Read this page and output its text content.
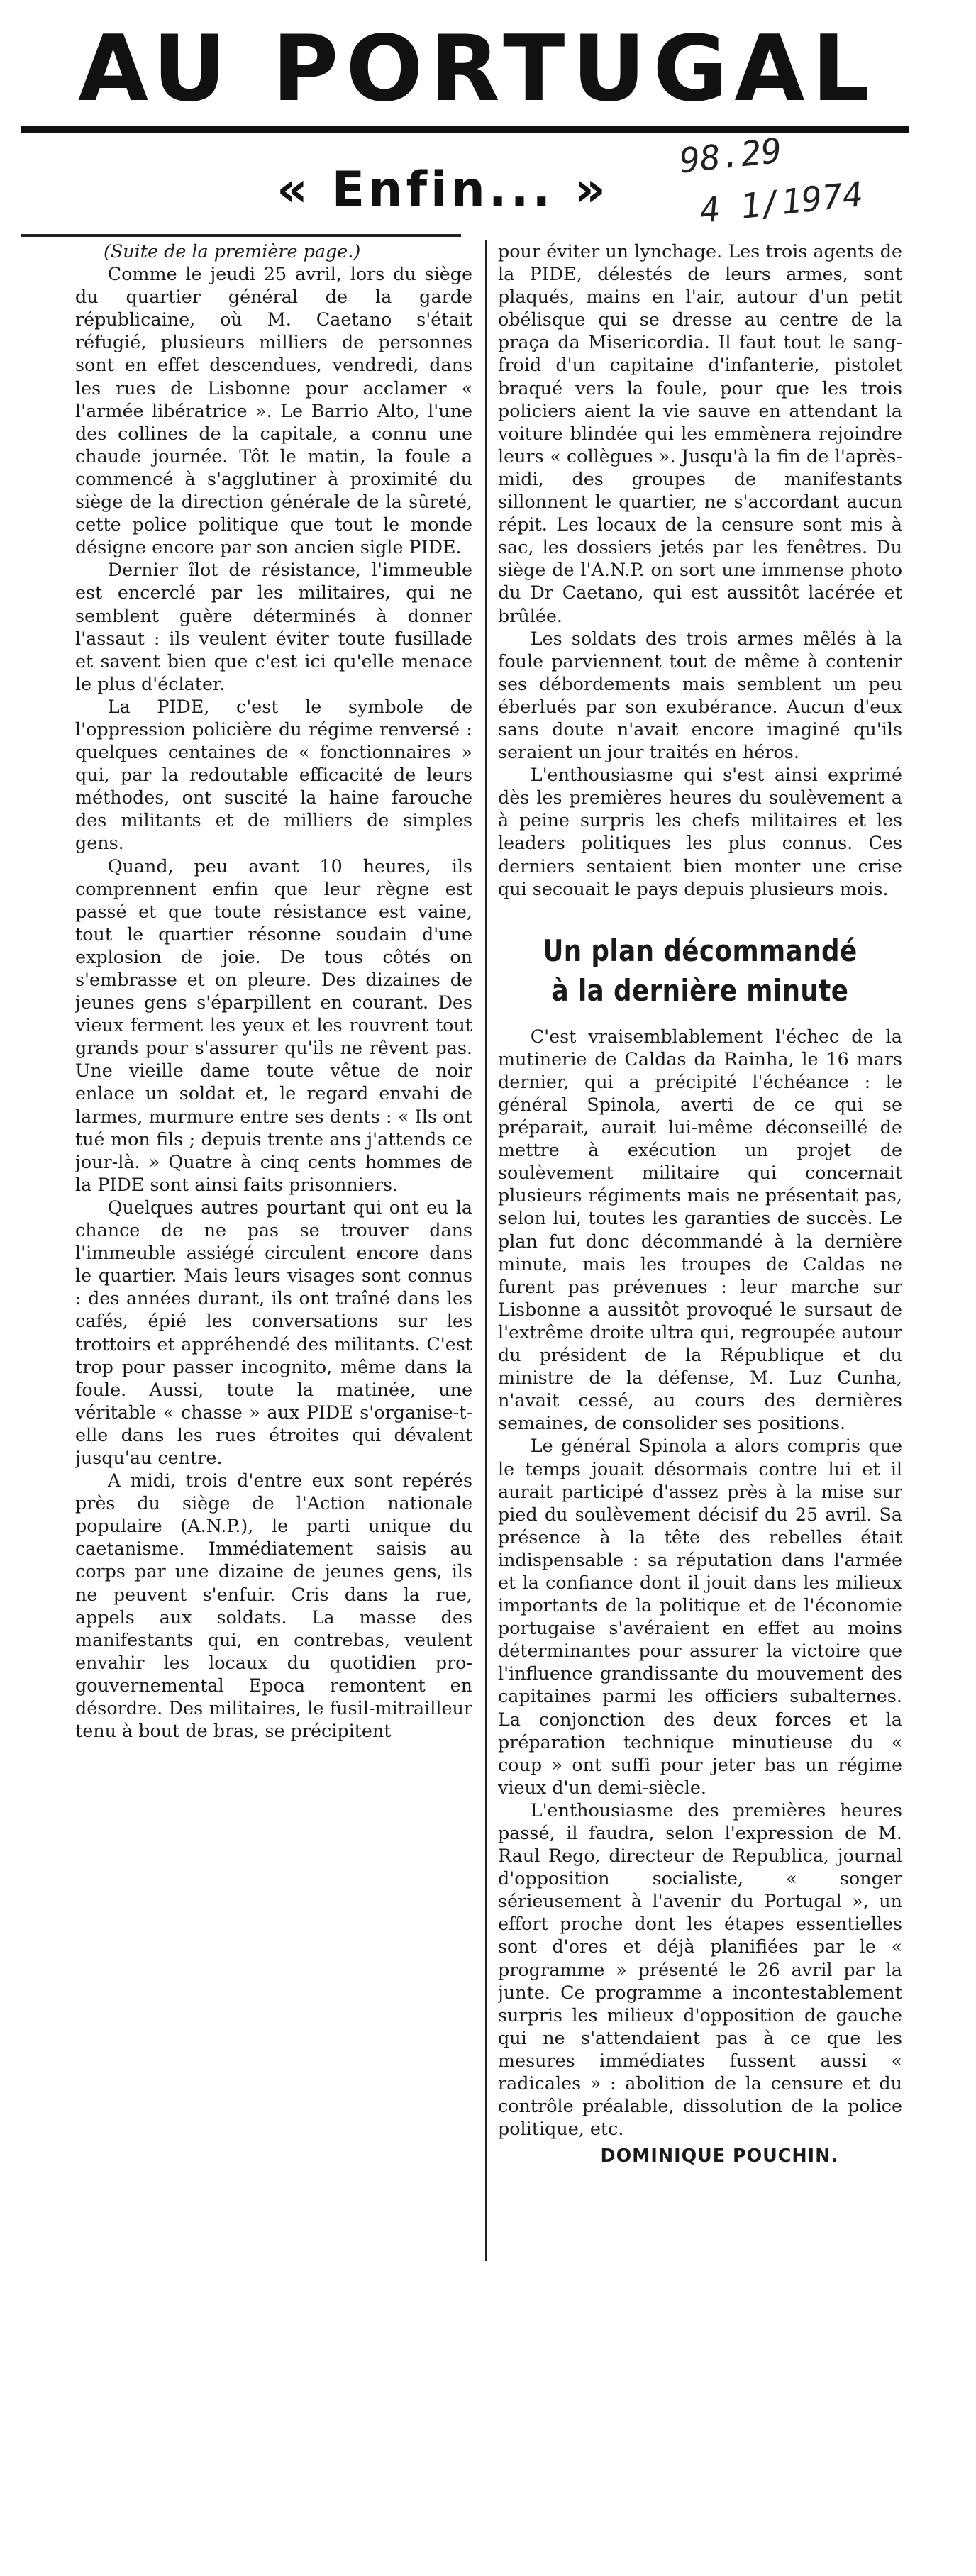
AU PORTUGAL
« Enfin... »
98.29
4 1/1974

(Suite de la première page.)

Comme le jeudi 25 avril, lors du siège du quartier général de la garde républicaine, où M. Caetano s'était réfugié, plusieurs milliers de personnes sont en effet descendues, vendredi, dans les rues de Lisbonne pour acclamer « l'armée libératrice ». Le Barrio Alto, l'une des collines de la capitale, a connu une chaude journée. Tôt le matin, la foule a commencé à s'agglutiner à proximité du siège de la direction générale de la sûreté, cette police politique que tout le monde désigne encore par son ancien sigle PIDE.

Dernier îlot de résistance, l'immeuble est encerclé par les militaires, qui ne semblent guère déterminés à donner l'assaut : ils veulent éviter toute fusillade et savent bien que c'est ici qu'elle menace le plus d'éclater.

La PIDE, c'est le symbole de l'oppression policière du régime renversé : quelques centaines de « fonctionnaires » qui, par la redoutable efficacité de leurs méthodes, ont suscité la haine farouche des militants et de milliers de simples gens.

Quand, peu avant 10 heures, ils comprennent enfin que leur règne est passé et que toute résistance est vaine, tout le quartier résonne soudain d'une explosion de joie. De tous côtés on s'embrasse et on pleure. Des dizaines de jeunes gens s'éparpillent en courant. Des vieux ferment les yeux et les rouvrent tout grands pour s'assurer qu'ils ne rêvent pas. Une vieille dame toute vêtue de noir enlace un soldat et, le regard envahi de larmes, murmure entre ses dents : « Ils ont tué mon fils ; depuis trente ans j'attends ce jour-là. » Quatre à cinq cents hommes de la PIDE sont ainsi faits prisonniers.

Quelques autres pourtant qui ont eu la chance de ne pas se trouver dans l'immeuble assiégé circulent encore dans le quartier. Mais leurs visages sont connus : des années durant, ils ont traîné dans les cafés, épié les conversations sur les trottoirs et appréhendé des militants. C'est trop pour passer incognito, même dans la foule. Aussi, toute la matinée, une véritable « chasse » aux PIDE s'organise-t-elle dans les rues étroites qui dévalent jusqu'au centre.

A midi, trois d'entre eux sont repérés près du siège de l'Action nationale populaire (A.N.P.), le parti unique du caetanisme. Immédiatement saisis au corps par une dizaine de jeunes gens, ils ne peuvent s'enfuir. Cris dans la rue, appels aux soldats. La masse des manifestants qui, en contrebas, veulent envahir les locaux du quotidien pro-gouvernemental Epoca remontent en désordre. Des militaires, le fusil-mitrailleur tenu à bout de bras, se précipitent

pour éviter un lynchage. Les trois agents de la PIDE, délestés de leurs armes, sont plaqués, mains en l'air, autour d'un petit obélisque qui se dresse au centre de la praça da Misericordia. Il faut tout le sang-froid d'un capitaine d'infanterie, pistolet braqué vers la foule, pour que les trois policiers aient la vie sauve en attendant la voiture blindée qui les emmènera rejoindre leurs « collègues ». Jusqu'à la fin de l'après-midi, des groupes de manifestants sillonnent le quartier, ne s'accordant aucun répit. Les locaux de la censure sont mis à sac, les dossiers jetés par les fenêtres. Du siège de l'A.N.P. on sort une immense photo du Dr Caetano, qui est aussitôt lacérée et brûlée.

Les soldats des trois armes mêlés à la foule parviennent tout de même à contenir ses débordements mais semblent un peu éberlués par son exubérance. Aucun d'eux sans doute n'avait encore imaginé qu'ils seraient un jour traités en héros.

L'enthousiasme qui s'est ainsi exprimé dès les premières heures du soulèvement a à peine surpris les chefs militaires et les leaders politiques les plus connus. Ces derniers sentaient bien monter une crise qui secouait le pays depuis plusieurs mois.

Un plan décommandé
à la dernière minute

C'est vraisemblablement l'échec de la mutinerie de Caldas da Rainha, le 16 mars dernier, qui a précipité l'échéance : le général Spinola, averti de ce qui se préparait, aurait lui-même déconseillé de mettre à exécution un projet de soulèvement militaire qui concernait plusieurs régiments mais ne présentait pas, selon lui, toutes les garanties de succès. Le plan fut donc décommandé à la dernière minute, mais les troupes de Caldas ne furent pas prévenues : leur marche sur Lisbonne a aussitôt provoqué le sursaut de l'extrême droite ultra qui, regroupée autour du président de la République et du ministre de la défense, M. Luz Cunha, n'avait cessé, au cours des dernières semaines, de consolider ses positions.

Le général Spinola a alors compris que le temps jouait désormais contre lui et il aurait participé d'assez près à la mise sur pied du soulèvement décisif du 25 avril. Sa présence à la tête des rebelles était indispensable : sa réputation dans l'armée et la confiance dont il jouit dans les milieux importants de la politique et de l'économie portugaise s'avéraient en effet au moins déterminantes pour assurer la victoire que l'influence grandissante du mouvement des capitaines parmi les officiers subalternes. La conjonction des deux forces et la préparation technique minutieuse du « coup » ont suffi pour jeter bas un régime vieux d'un demi-siècle.

L'enthousiasme des premières heures passé, il faudra, selon l'expression de M. Raul Rego, directeur de Republica, journal d'opposition socialiste, « songer sérieusement à l'avenir du Portugal », un effort proche dont les étapes essentielles sont d'ores et déjà planifiées par le « programme » présenté le 26 avril par la junte. Ce programme a incontestablement surpris les milieux d'opposition de gauche qui ne s'attendaient pas à ce que les mesures immédiates fussent aussi « radicales » : abolition de la censure et du contrôle préalable, dissolution de la police politique, etc.

DOMINIQUE POUCHIN.
